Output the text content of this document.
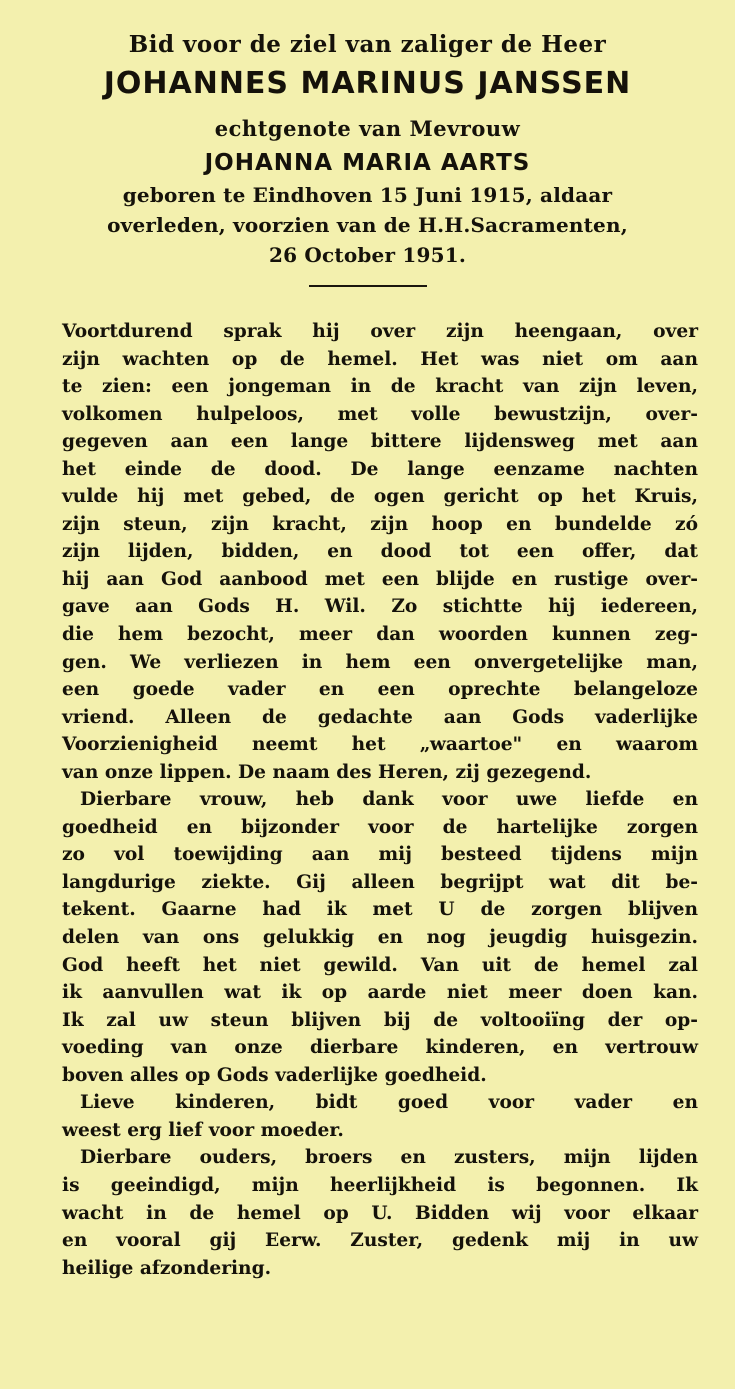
Bid voor de ziel van zaliger de Heer
JOHANNES MARINUS JANSSEN
echtgenote van Mevrouw
JOHANNA MARIA AARTS
geboren te Eindhoven 15 Juni 1915, aldaar
overleden, voorzien van de H.H.Sacramenten,
26 October 1951.
Voortdurend sprak hij over zijn heengaan, over
zijn wachten op de hemel. Het was niet om aan
te zien: een jongeman in de kracht van zijn leven,
volkomen hulpeloos, met volle bewustzijn, over-
gegeven aan een lange bittere lijdensweg met aan
het einde de dood. De lange eenzame nachten
vulde hij met gebed, de ogen gericht op het Kruis,
zijn steun, zijn kracht, zijn hoop en bundelde zó
zijn lijden, bidden, en dood tot een offer, dat
hij aan God aanbood met een blijde en rustige over-
gave aan Gods H. Wil. Zo stichtte hij iedereen,
die hem bezocht, meer dan woorden kunnen zeg-
gen. We verliezen in hem een onvergetelijke man,
een goede vader en een oprechte belangeloze
vriend. Alleen de gedachte aan Gods vaderlijke
Voorzienigheid neemt het „waartoe" en waarom
van onze lippen. De naam des Heren, zij gezegend.
Dierbare vrouw, heb dank voor uwe liefde en
goedheid en bijzonder voor de hartelijke zorgen
zo vol toewijding aan mij besteed tijdens mijn
langdurige ziekte. Gij alleen begrijpt wat dit be-
tekent. Gaarne had ik met U de zorgen blijven
delen van ons gelukkig en nog jeugdig huisgezin.
God heeft het niet gewild. Van uit de hemel zal
ik aanvullen wat ik op aarde niet meer doen kan.
Ik zal uw steun blijven bij de voltooiïng der op-
voeding van onze dierbare kinderen, en vertrouw
boven alles op Gods vaderlijke goedheid.
Lieve kinderen, bidt goed voor vader en
weest erg lief voor moeder.
Dierbare ouders, broers en zusters, mijn lijden
is geeindigd, mijn heerlijkheid is begonnen. Ik
wacht in de hemel op U. Bidden wij voor elkaar
en vooral gij Eerw. Zuster, gedenk mij in uw
heilige afzondering.
